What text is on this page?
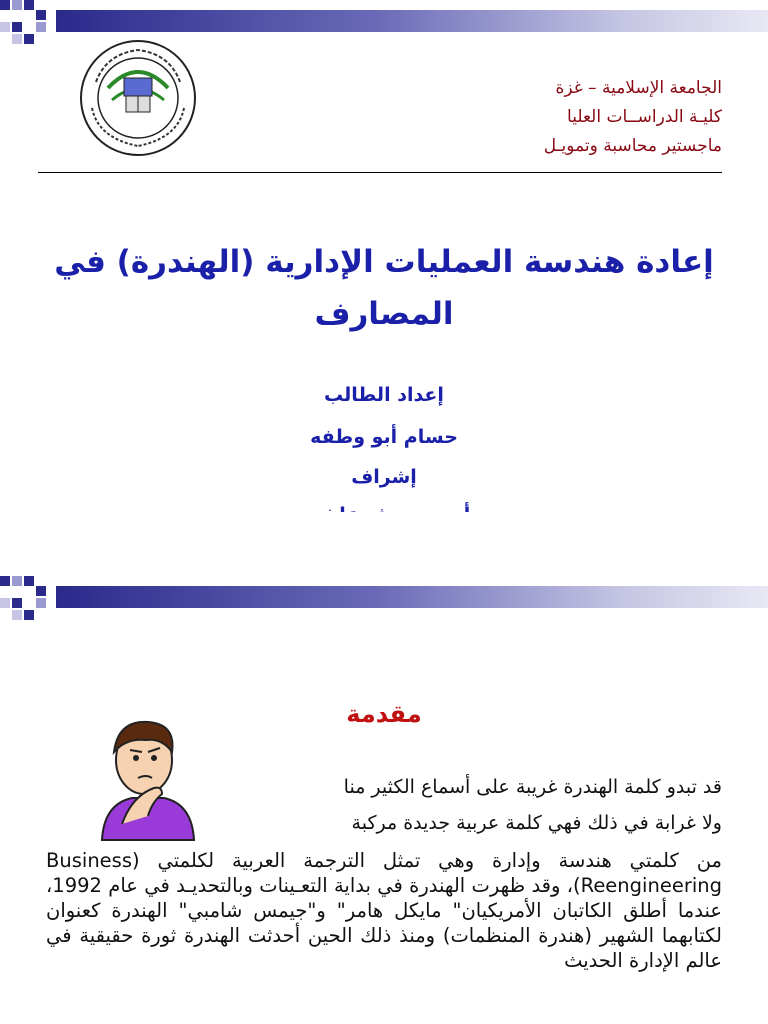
الجامعة الإسلامية – غزة
كليـة الدراســات العليا
ماجستير محاسبة وتمويـل
إعادة هندسة العمليات الإدارية (الهندرة) في
المصارف
إعداد الطالب
حسام أبو وطفه
إشراف
مقدمة
قد تبدو كلمة الهندرة غريبة على أسماع الكثير منا
ولا غرابة في ذلك فهي كلمة عربية جديدة مركبة
من كلمتي هندسة وإدارة وهي تمثل الترجمة العربية لكلمتي (Business Reengineering)، وقد ظهرت الهندرة في بداية التعـينات وبالتحديـد في عام 1992، عندما أطلق الكاتبان الأمريكيان" مايكل هامر" و"جيمس شامبي" الهندرة كعنوان لكتابهما الشهير (هندرة المنظمات) ومنذ ذلك الحين أحدثت الهندرة ثورة حقيقية في عالم الإدارة الحديث
